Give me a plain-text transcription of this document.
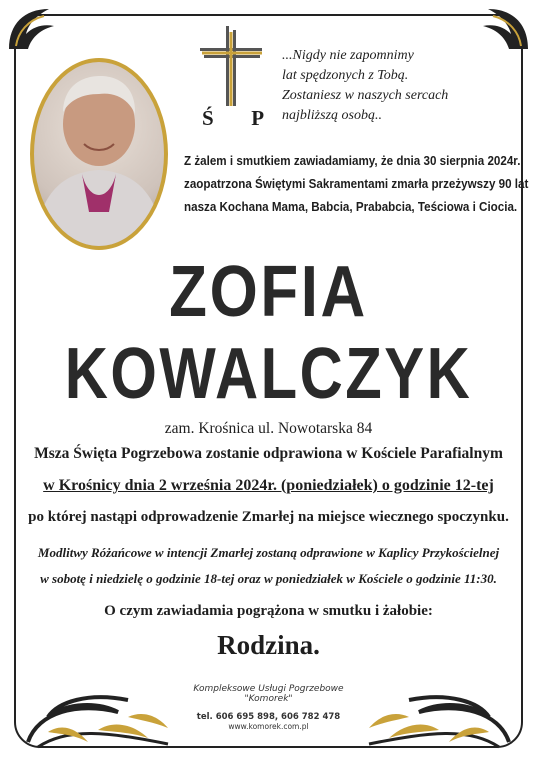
Ś P
...Nigdy nie zapomnimy
lat spędzonych z Tobą.
Zostaniesz w naszych sercach
najbliższą osobą..
Z żalem i smutkiem zawiadamiamy, że dnia 30 sierpnia 2024r.
zaopatrzona Świętymi Sakramentami zmarła przeżywszy 90 lat
nasza Kochana Mama, Babcia, Prababcia, Teściowa i Ciocia.
ZOFIA
KOWALCZYK
zam. Krośnica ul. Nowotarska 84
Msza Święta Pogrzebowa zostanie odprawiona w Kościele Parafialnym
w Krośnicy dnia 2 września 2024r. (poniedziałek) o godzinie 12-tej
po której nastąpi odprowadzenie Zmarłej na miejsce wiecznego spoczynku.
Modlitwy Różańcowe w intencji Zmarłej zostaną odprawione w Kaplicy Przykościelnej
w sobotę i niedzielę o godzinie 18-tej oraz w poniedziałek w Kościele o godzinie 11:30.
O czym zawiadamia pogrążona w smutku i żałobie:
Rodzina.
Kompleksowe Usługi Pogrzebowe
"Komorek"
tel. 606 695 898, 606 782 478
www.komorek.com.pl
